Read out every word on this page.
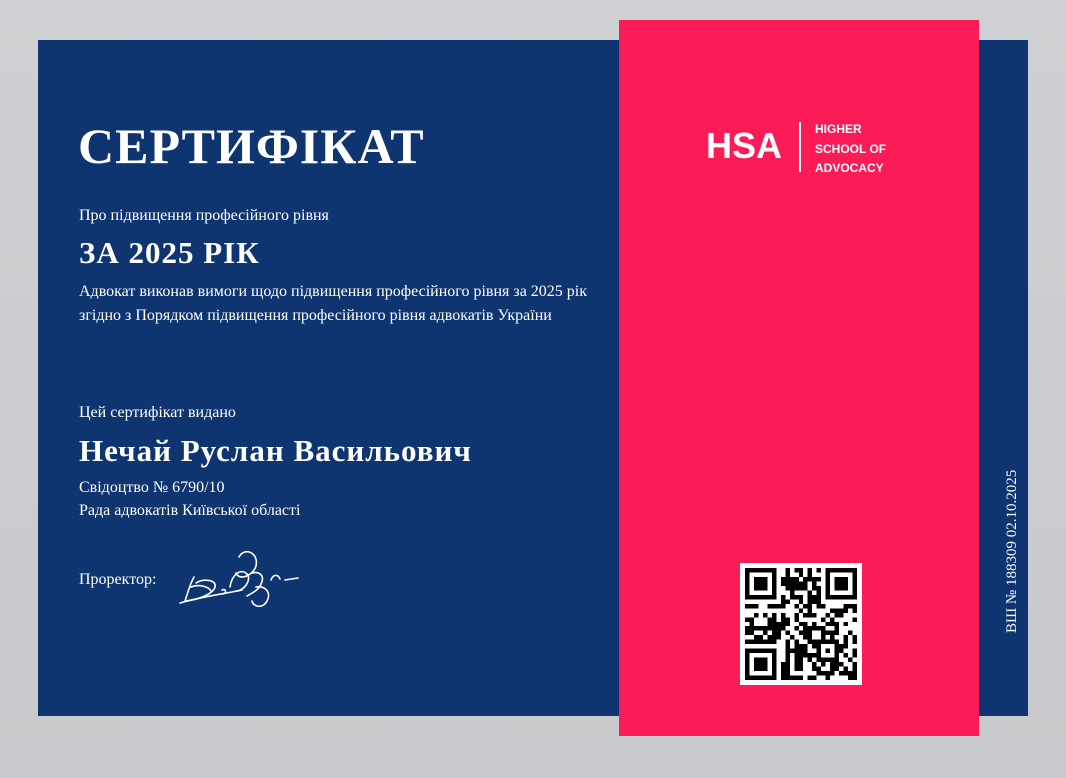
СЕРТИФІКАТ
Про підвищення професійного рівня
ЗА 2025 РІК
Адвокат виконав вимоги щодо підвищення професійного рівня за 2025 рік згідно з Порядком підвищення професійного рівня адвокатів України
Цей сертифікат видано
Нечай Руслан Васильович
Свідоцтво № 6790/10
Рада адвокатів Київської області
Проректор:
HSA	HIGHER
SCHOOL OF
ADVOCACY
ВШ № 188309 02.10.2025
